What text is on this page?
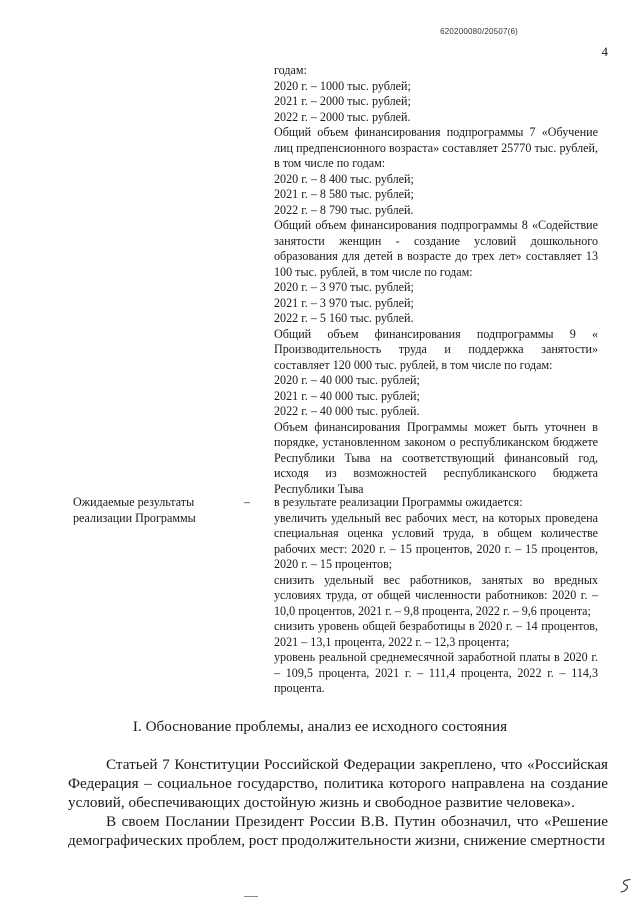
620200080/20507(6)
4

годам:

2020 г. – 1000 тыс. рублей;

2021 г. – 2000 тыс. рублей;

2022 г. – 2000 тыс. рублей.

Общий объем финансирования подпрограммы 7 «Обучение лиц предпенсионного возраста» составляет 25770 тыс. рублей, в том числе по годам:

2020 г. – 8 400 тыс. рублей;

2021 г. – 8 580 тыс. рублей;

2022 г. – 8 790 тыс. рублей.

Общий объем финансирования подпрограммы 8 «Содействие занятости женщин - создание условий дошкольного образования для детей в возрасте до трех лет» составляет 13 100 тыс. рублей, в том числе по годам:

2020 г. – 3 970 тыс. рублей;

2021 г. – 3 970 тыс. рублей;

2022 г. – 5 160 тыс. рублей.

Общий объем финансирования подпрограммы 9 « Производительность труда и поддержка занятости» составляет 120 000 тыс. рублей, в том числе по годам:

2020 г. – 40 000 тыс. рублей;

2021 г. – 40 000 тыс. рублей;

2022 г. – 40 000 тыс. рублей.

Объем финансирования Программы может быть уточнен в порядке, установленном законом о республиканском бюджете Республики Тыва на соответствующий финансовый год, исходя из возможностей республиканского бюджета Республики Тыва

Ожидаемые результаты реализации Программы
– в результате реализации Программы ожидается:

увеличить удельный вес рабочих мест, на которых проведена специальная оценка условий труда, в общем количестве рабочих мест: 2020 г. – 15 процентов, 2020 г. – 15 процентов, 2020 г. – 15 процентов;

снизить удельный вес работников, занятых во вредных условиях труда, от общей численности работников: 2020 г. – 10,0 процентов, 2021 г. – 9,8 процента, 2022 г. – 9,6 процента;

снизить уровень общей безработицы в 2020 г. – 14 процентов, 2021 – 13,1 процента, 2022 г. – 12,3 процента;

уровень реальной среднемесячной заработной платы в 2020 г. – 109,5 процента, 2021 г. – 111,4 процента, 2022 г. – 114,3 процента.

I. Обоснование проблемы, анализ ее исходного состояния

Статьей 7 Конституции Российской Федерации закреплено, что «Российская Федерация – социальное государство, политика которого направлена на создание условий, обеспечивающих достойную жизнь и свободное развитие человека».

В своем Послании Президент России В.В. Путин обозначил, что «Решение демографических проблем, рост продолжительности жизни, снижение смертности
